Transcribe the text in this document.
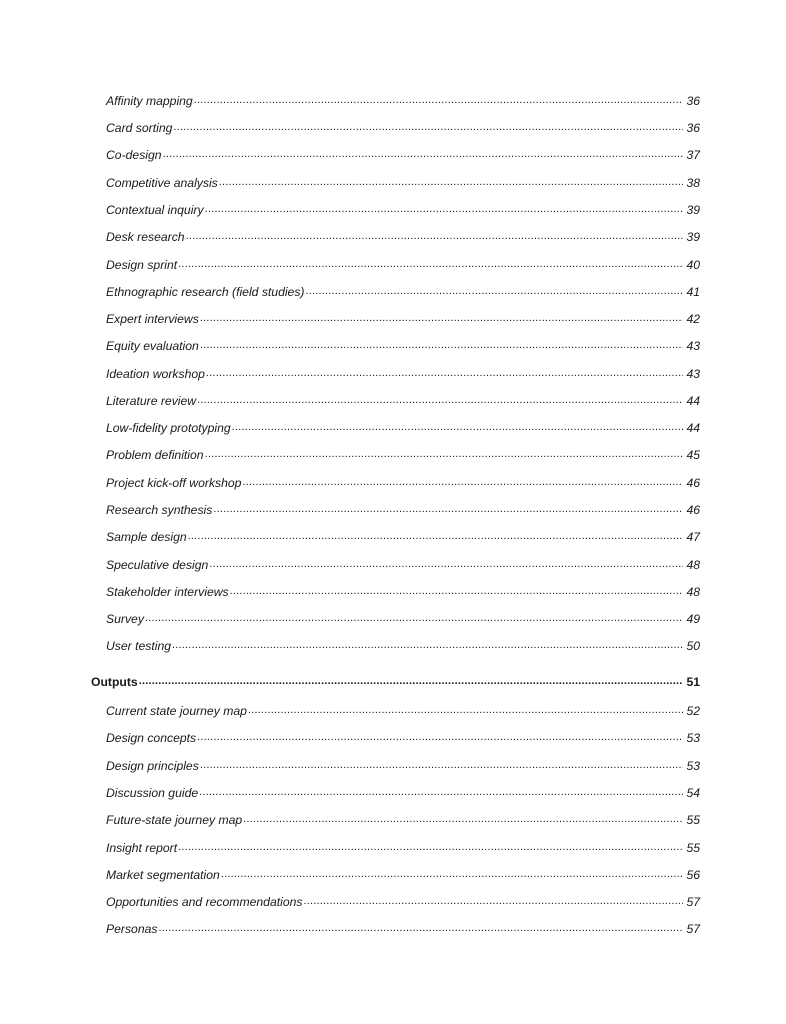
Affinity mapping .....	36
Card sorting .....	36
Co-design .....	37
Competitive analysis .....	38
Contextual inquiry .....	39
Desk research .....	39
Design sprint .....	40
Ethnographic research (field studies) .....	41
Expert interviews .....	42
Equity evaluation .....	43
Ideation workshop .....	43
Literature review .....	44
Low-fidelity prototyping .....	44
Problem definition .....	45
Project kick-off workshop .....	46
Research synthesis .....	46
Sample design .....	47
Speculative design .....	48
Stakeholder interviews .....	48
Survey .....	49
User testing .....	50
Outputs .....	51
Current state journey map .....	52
Design concepts .....	53
Design principles .....	53
Discussion guide .....	54
Future-state journey map .....	55
Insight report .....	55
Market segmentation .....	56
Opportunities and recommendations .....	57
Personas .....	57
